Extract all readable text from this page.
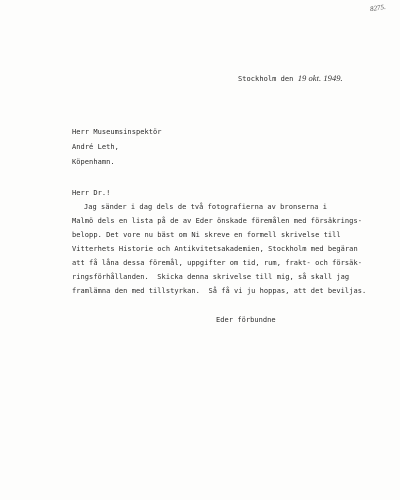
8275.
Stockholm den 19 okt. 1949.
Herr Museumsinspektör
André Leth,
Köpenhamn.
Herr Dr.!
Jag sänder i dag dels de två fotografierna av bronserna i
Malmö dels en lista på de av Eder önskade föremålen med försäkrings-
belopp. Det vore nu bäst om Ni skreve en formell skrivelse till
Vitterhets Historie och Antikvitetsakademien, Stockholm med begäran
att få låna dessa föremål, uppgifter om tid, rum, frakt- och försäk-
ringsförhållanden.  Skicka denna skrivelse till mig, så skall jag
framlämna den med tillstyrkan.  Så få vi ju hoppas, att det beviljas.
Eder förbundne
